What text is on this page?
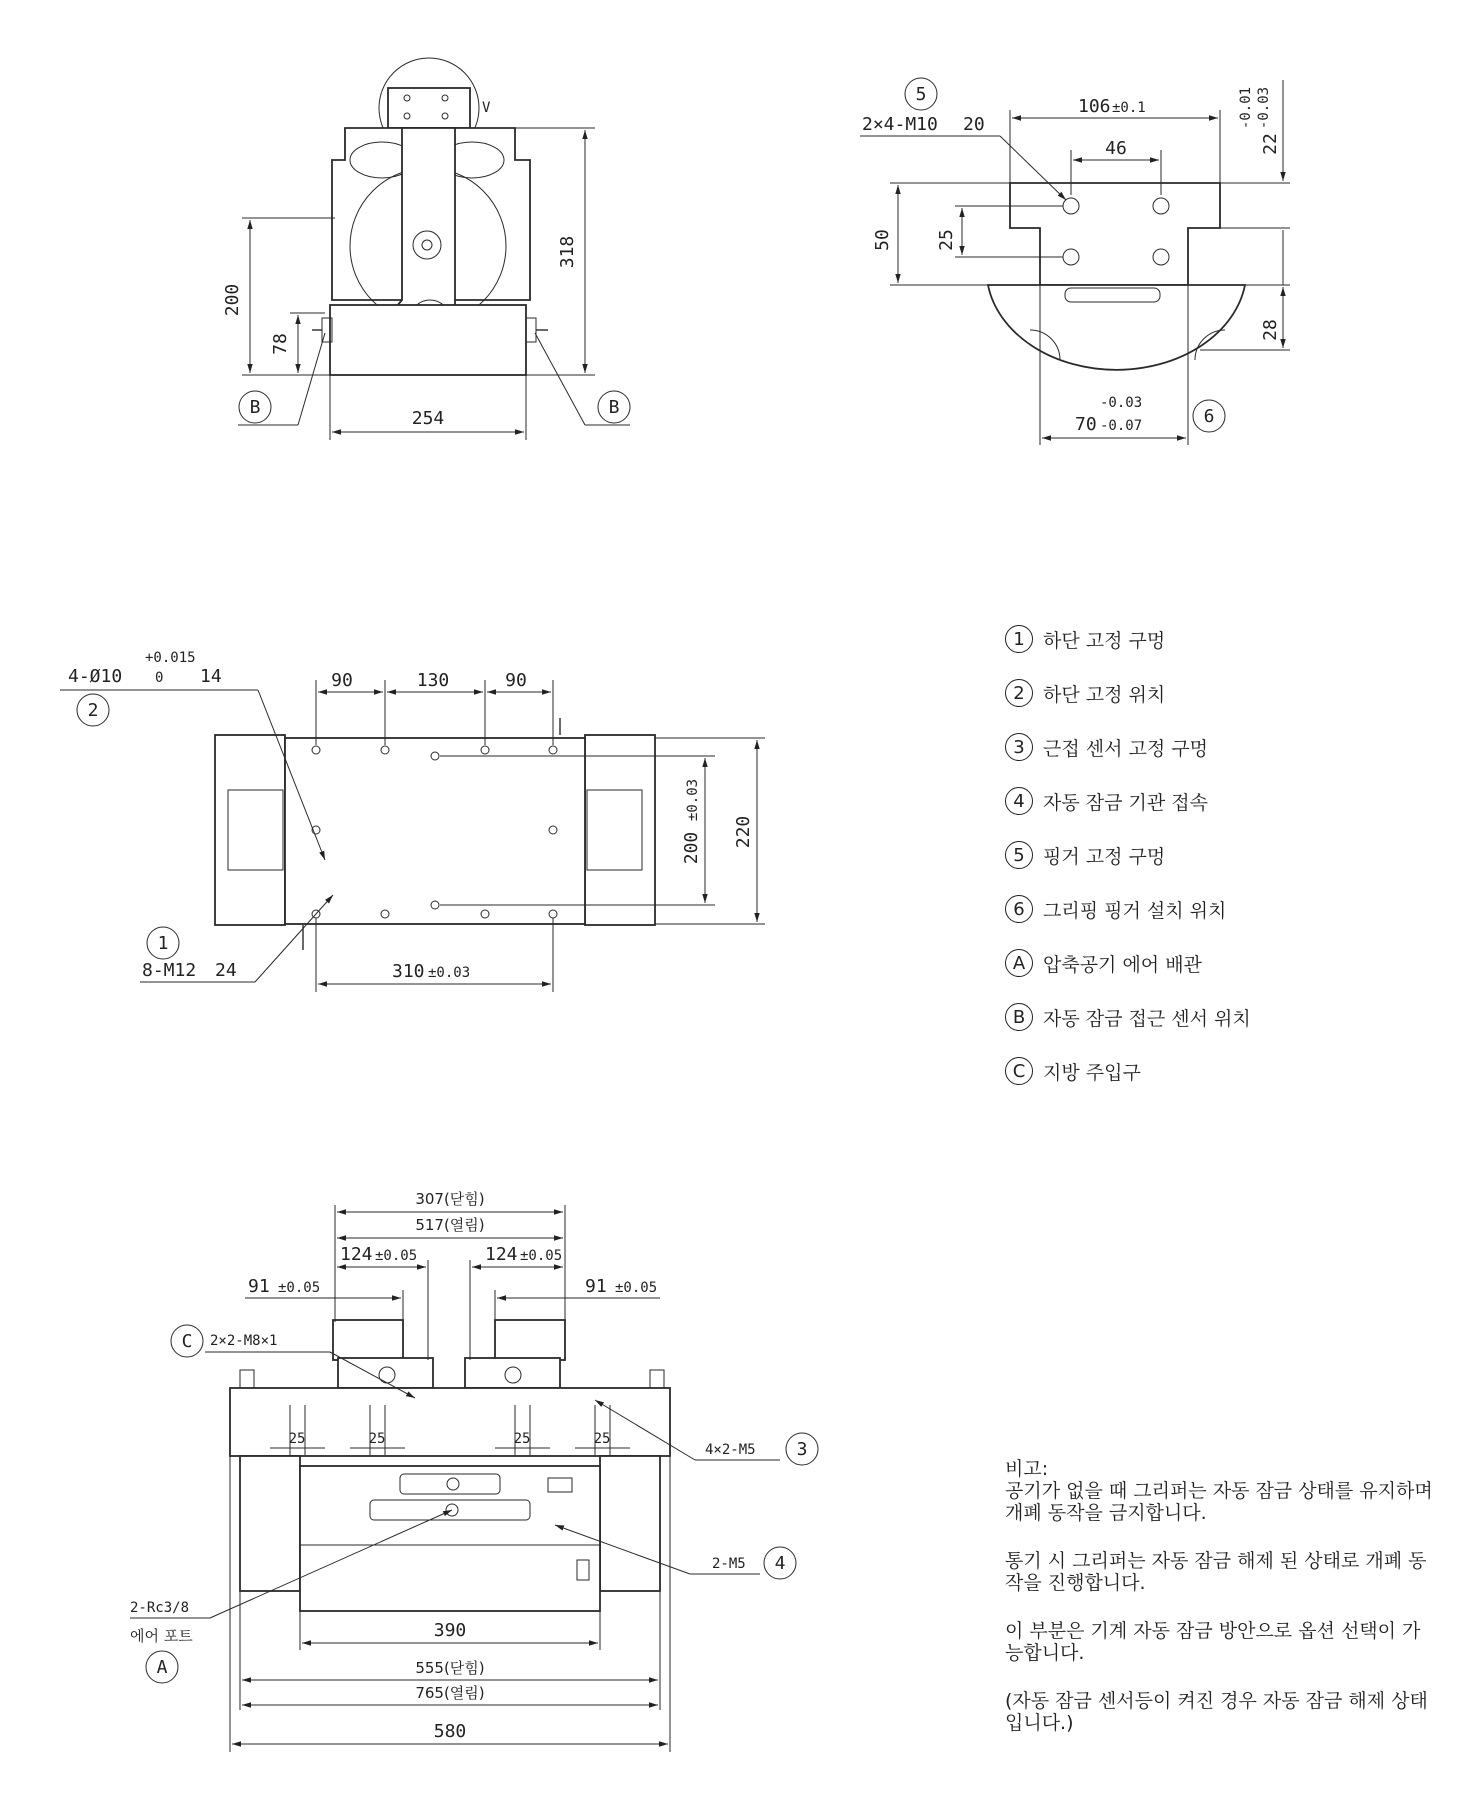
V
200
78
318
254
B	B
5
2×4-M10 20
106 ±0.1
46	22
-0.01 -0.03
28
50 25
70
-0.03
-0.07	6
4-Ø10
+0.015
0 14
2
90	130	90
200
±0.03
220
1
8-M12 24	310 ±0.03
307(닫힘)
517(열림)
124 ±0.05	124 ±0.05
91 ±0.05	91 ±0.05
C 2×2-M8×1
25	25	25	25
4×2-M5 3
2-M5 4
2-Rc3/8
에어 포트
A
390
555(닫힘)
765(열림)
580
1 하단 고정 구멍
2 하단 고정 위치
3 근접 센서 고정 구멍
4 자동 잠금 기관 접속
5 핑거 고정 구멍
6 그리핑 핑거 설치 위치
A 압축공기 에어 배관
B 자동 잠금 접근 센서 위치
C 지방 주입구
비고:

공기가 없을 때 그리퍼는 자동 잠금 상태를 유지하며 개폐 동작을 금지합니다.

통기 시 그리퍼는 자동 잠금 해제 된 상태로 개폐 동작을 진행합니다.

이 부분은 기계 자동 잠금 방안으로 옵션 선택이 가능합니다.

(자동 잠금 센서등이 켜진 경우 자동 잠금 해제 상태입니다.)
